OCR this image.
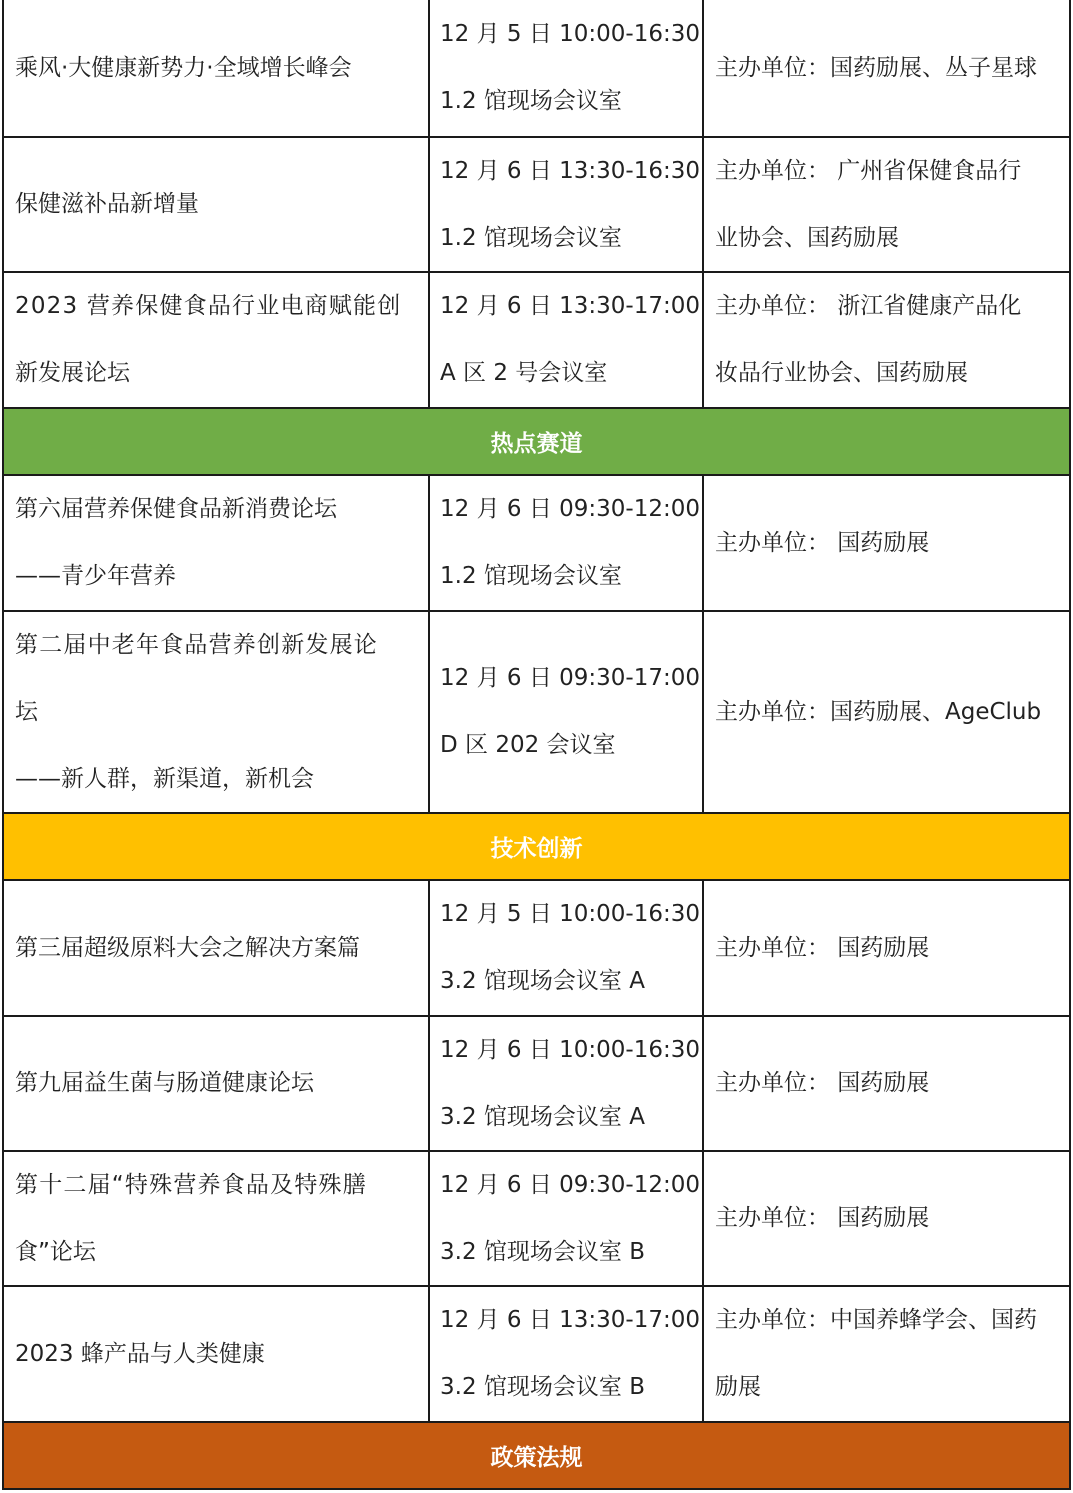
乘风·大健康新势力·全域增长峰会
12 月 5 日 10:00-16:30
1.2 馆现场会议室
主办单位：国药励展、丛子星球
保健滋补品新增量
12 月 6 日 13:30-16:30
1.2 馆现场会议室
主办单位： 广州省保健食品行
业协会、国药励展
2023 营养保健食品行业电商赋能创
新发展论坛
12 月 6 日 13:30-17:00
A 区 2 号会议室
主办单位： 浙江省健康产品化
妆品行业协会、国药励展
热点赛道
第六届营养保健食品新消费论坛
——青少年营养
12 月 6 日 09:30-12:00
1.2 馆现场会议室
主办单位： 国药励展
第二届中老年食品营养创新发展论
坛
——新人群，新渠道，新机会
12 月 6 日 09:30-17:00
D 区 202 会议室
主办单位：国药励展、AgeClub
技术创新
第三届超级原料大会之解决方案篇
12 月 5 日 10:00-16:30
3.2 馆现场会议室 A
主办单位： 国药励展
第九届益生菌与肠道健康论坛
12 月 6 日 10:00-16:30
3.2 馆现场会议室 A
主办单位： 国药励展
第十二届“特殊营养食品及特殊膳
食”论坛
12 月 6 日 09:30-12:00
3.2 馆现场会议室 B
主办单位： 国药励展
2023 蜂产品与人类健康
12 月 6 日 13:30-17:00
3.2 馆现场会议室 B
主办单位：中国养蜂学会、国药
励展
政策法规
